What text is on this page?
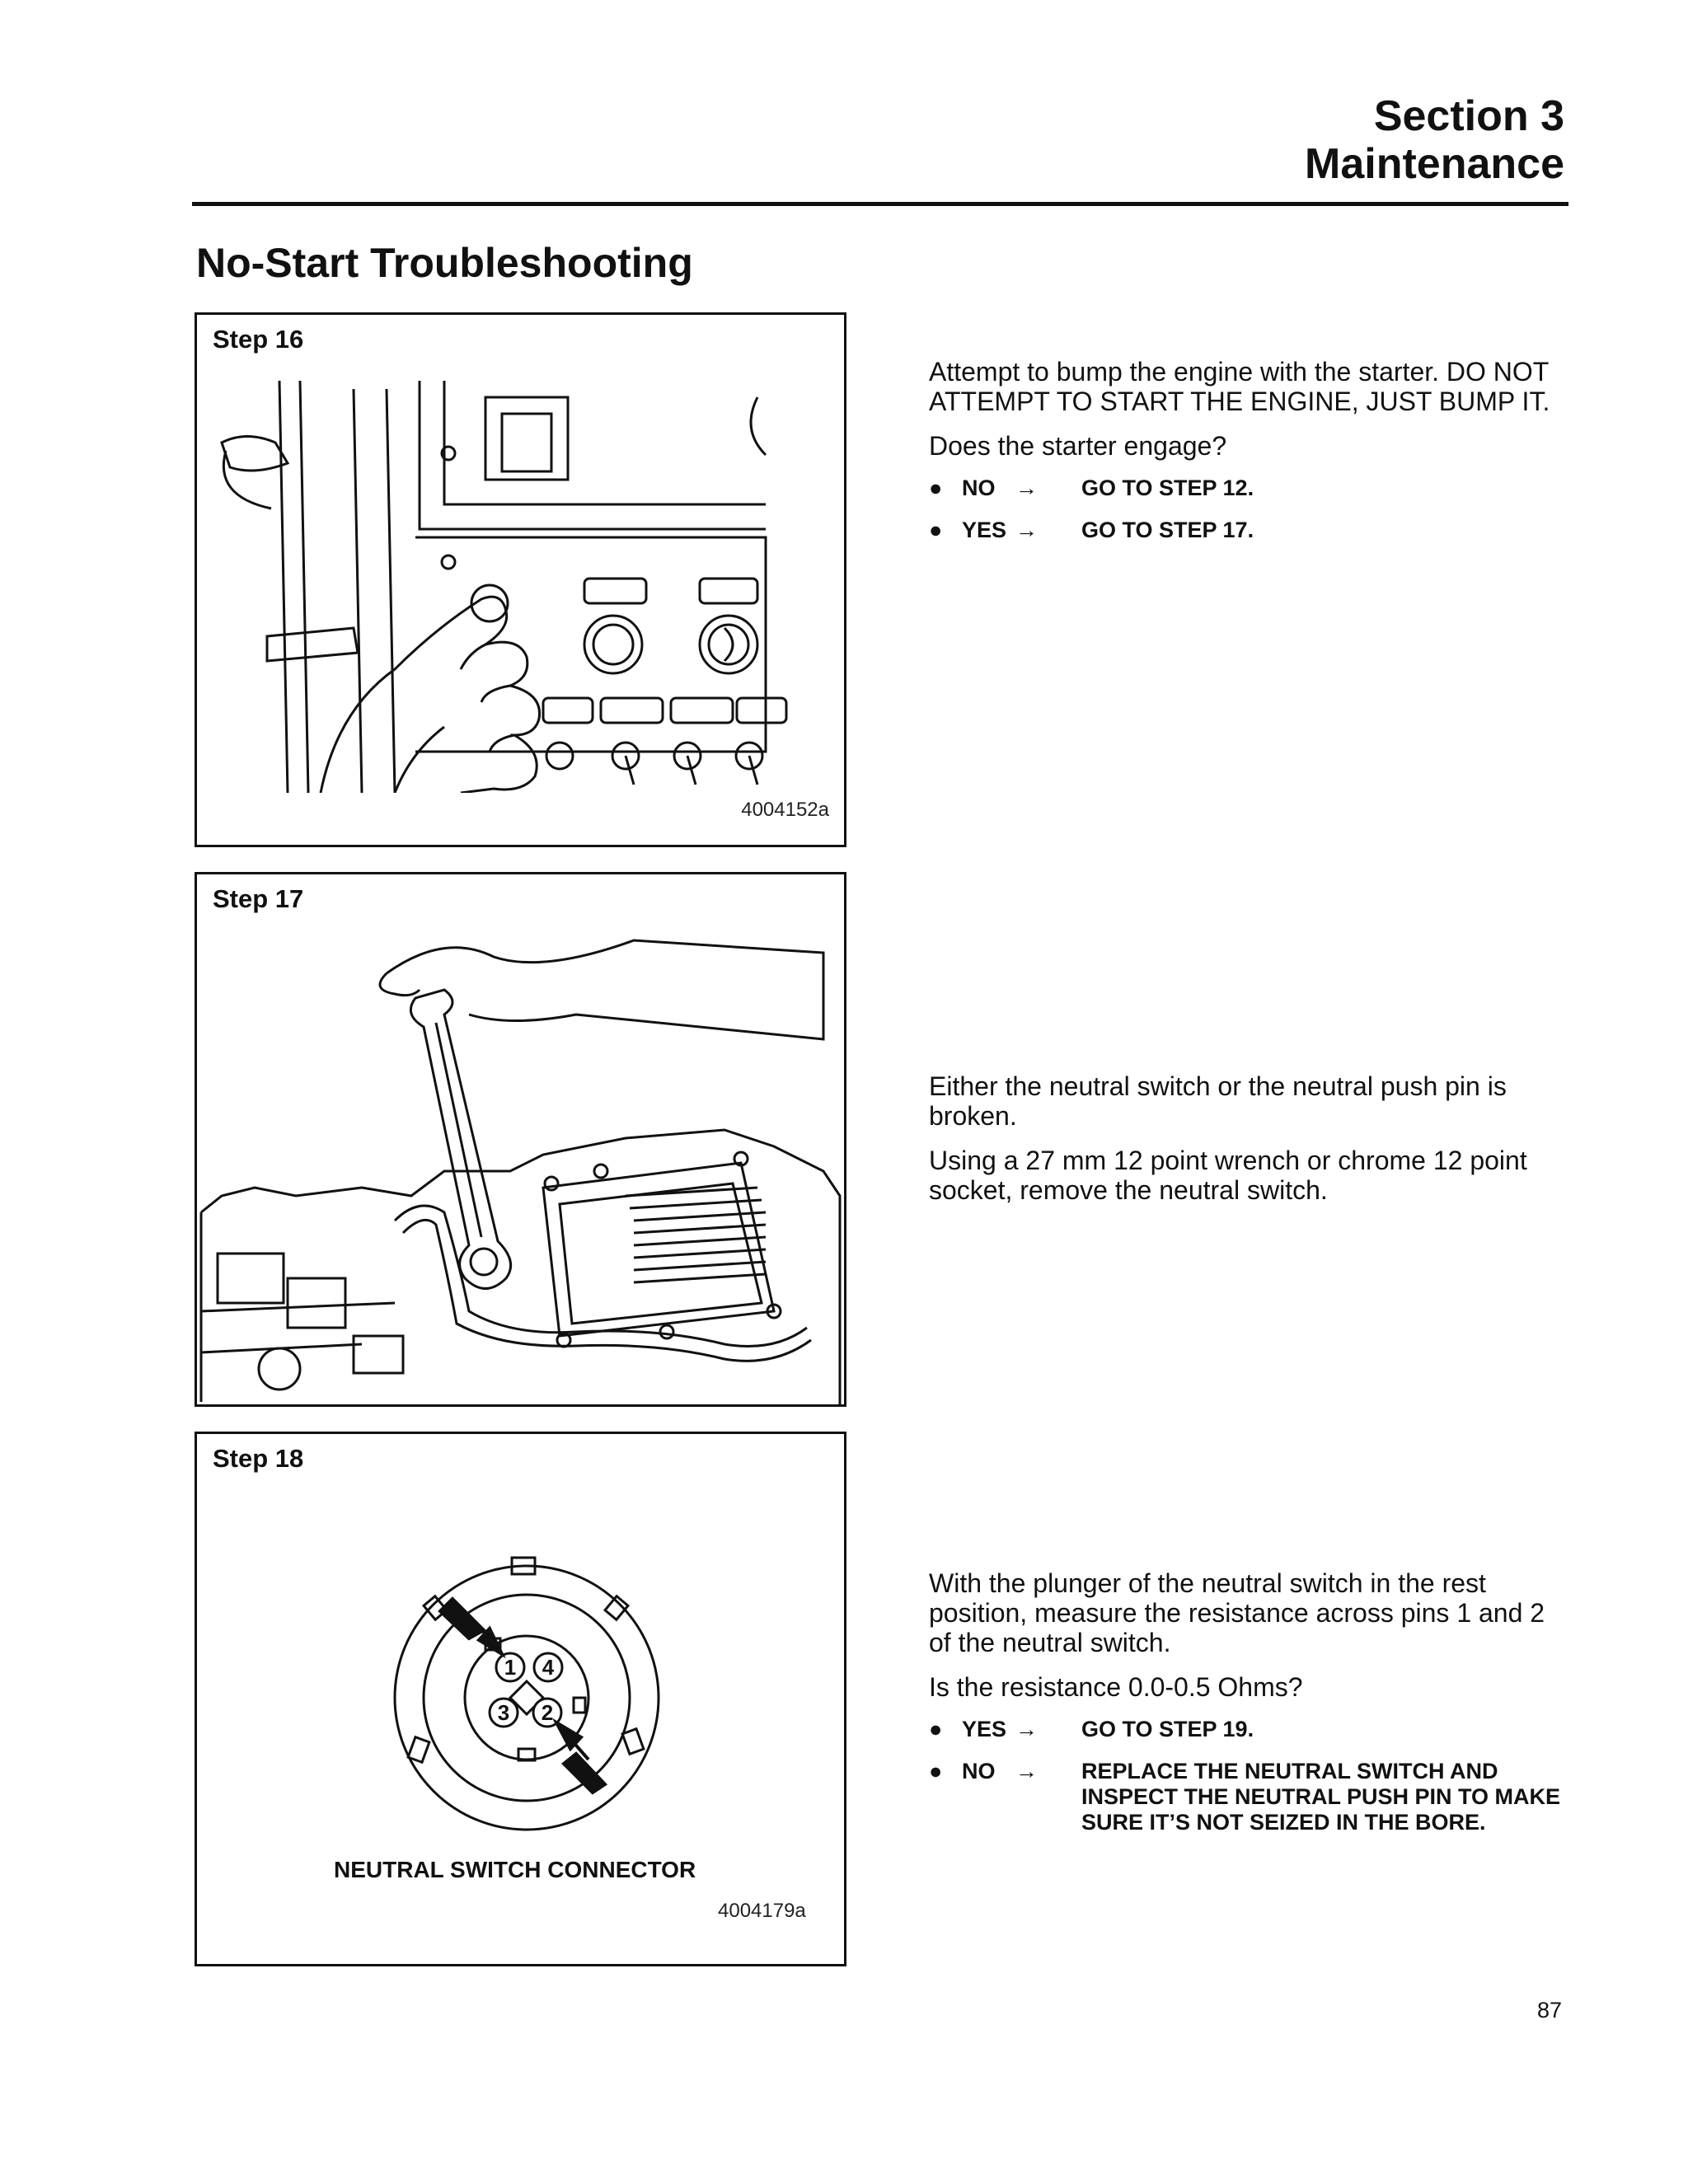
Section 3
Maintenance
No-Start Troubleshooting
Step 16
4004152a

Attempt to bump the engine with the starter. DO NOT ATTEMPT TO START THE ENGINE, JUST BUMP IT.

Does the starter engage?

● NO →	GO TO STEP 12.
● YES →	GO TO STEP 17.
Step 17

Either the neutral switch or the neutral push pin is broken.

Using a 27 mm 12 point wrench or chrome 12 point socket, remove the neutral switch.

Step 18
1 4
3 2
NEUTRAL SWITCH CONNECTOR
4004179a

With the plunger of the neutral switch in the rest position, measure the resistance across pins 1 and 2 of the neutral switch.

Is the resistance 0.0-0.5 Ohms?

● YES →	GO TO STEP 19.
● NO →	REPLACE THE NEUTRAL SWITCH AND INSPECT THE NEUTRAL PUSH PIN TO MAKE SURE IT’S NOT SEIZED IN THE BORE.
87
